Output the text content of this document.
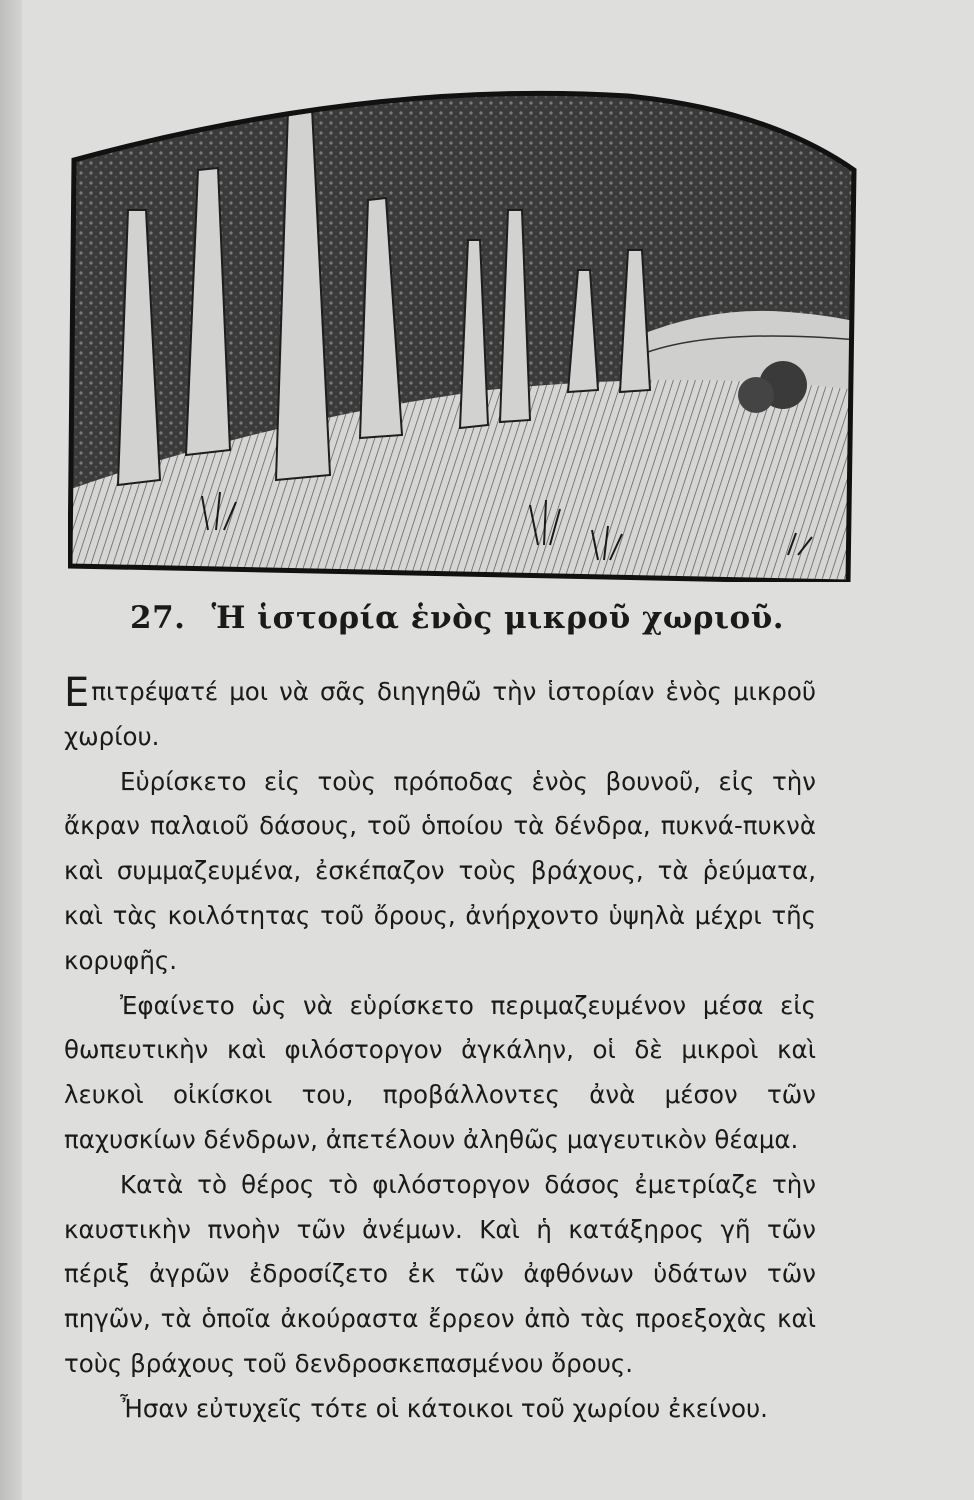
27. Ἡ ἱστορία ἑνὸς μικροῦ χωριοῦ.

Επιτρέψατέ μοι νὰ σᾶς διηγηθῶ τὴν ἱστορίαν ἑνὸς μικροῦ χωρίου.

Εὑρίσκετο εἰς τοὺς πρόποδας ἑνὸς βουνοῦ, εἰς τὴν ἄκραν παλαιοῦ δάσους, τοῦ ὁποίου τὰ δένδρα, πυκνά-πυκνὰ καὶ συμμαζευμένα, ἐσκέπαζον τοὺς βράχους, τὰ ῥεύματα, καὶ τὰς κοιλότητας τοῦ ὄρους, ἀνήρχοντο ὑψηλὰ μέχρι τῆς κορυφῆς.

Ἐφαίνετο ὡς νὰ εὑρίσκετο περιμαζευμένον μέσα εἰς θωπευτικὴν καὶ φιλόστοργον ἀγκάλην, οἱ δὲ μικροὶ καὶ λευκοὶ οἰκίσκοι του, προβάλλοντες ἀνὰ μέσον τῶν παχυσκίων δένδρων, ἀπετέλουν ἀληθῶς μαγευτικὸν θέαμα.

Κατὰ τὸ θέρος τὸ φιλόστοργον δάσος ἐμετρίαζε τὴν καυστικὴν πνοὴν τῶν ἀνέμων. Καὶ ἡ κατάξηρος γῆ τῶν πέριξ ἀγρῶν ἐδροσίζετο ἐκ τῶν ἀφθόνων ὑδάτων τῶν πηγῶν, τὰ ὁποῖα ἀκούραστα ἔρρεον ἀπὸ τὰς προεξοχὰς καὶ τοὺς βράχους τοῦ δενδροσκεπασμένου ὄρους.

Ἦσαν εὐτυχεῖς τότε οἱ κάτοικοι τοῦ χωρίου ἐκείνου.
